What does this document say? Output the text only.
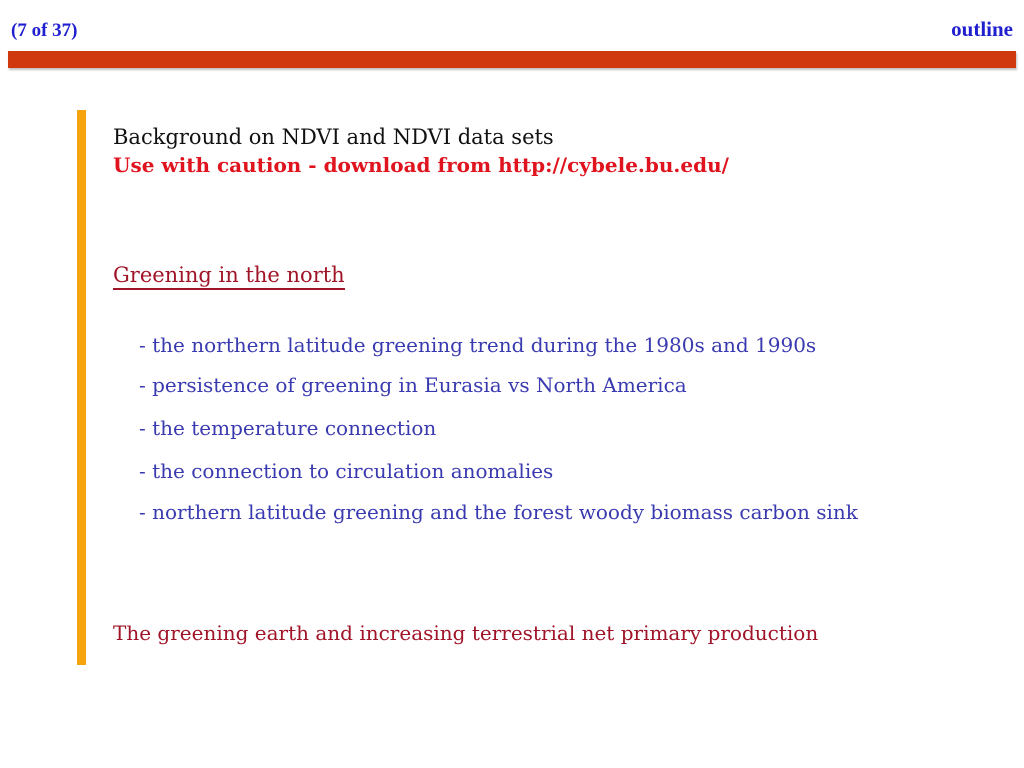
(7 of 37)	outline
Background on NDVI and NDVI data sets
Use with caution - download from http://cybele.bu.edu/
Greening in the north
- the northern latitude greening trend during the 1980s and 1990s
- persistence of greening in Eurasia vs North America
- the temperature connection
- the connection to circulation anomalies
- northern latitude greening and the forest woody biomass carbon sink
The greening earth and increasing terrestrial net primary production
